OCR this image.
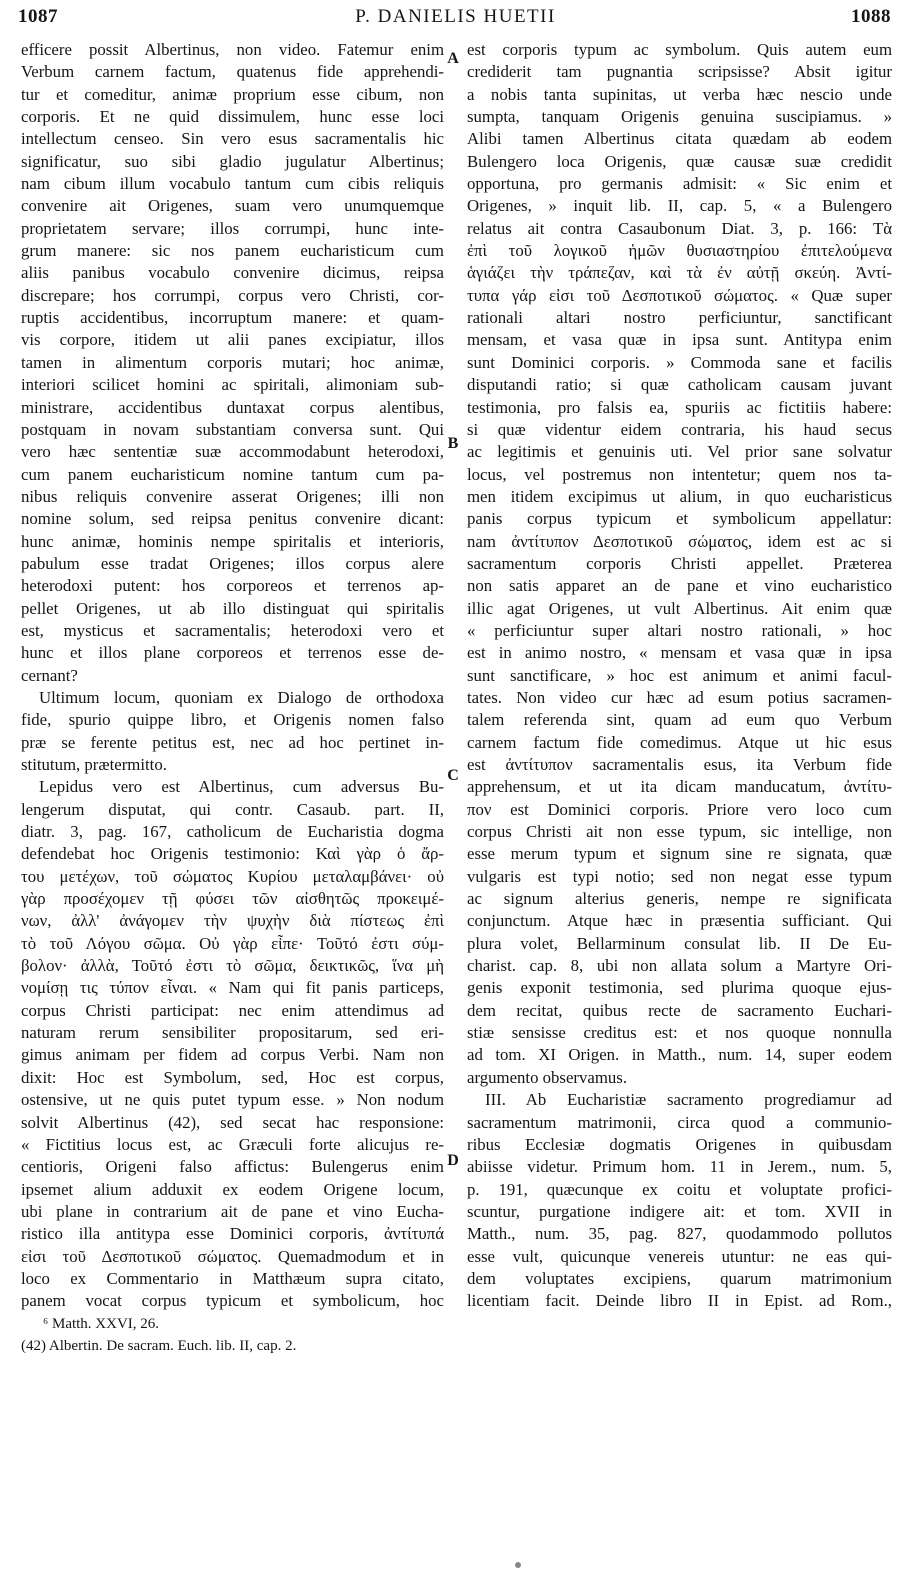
1087	P. DANIELIS HUETII	1088
efficere possit Albertinus, non video. Fatemur enim
Verbum carnem factum, quatenus fide apprehendi-
tur et comeditur, animæ proprium esse cibum, non
corporis. Et ne quid dissimulem, hunc esse loci
intellectum censeo. Sin vero esus sacramentalis hic
significatur, suo sibi gladio jugulatur Albertinus;
nam cibum illum vocabulo tantum cum cibis reliquis
convenire ait Origenes, suam vero unumquemque
proprietatem servare; illos corrumpi, hunc inte-
grum manere: sic nos panem eucharisticum cum
aliis panibus vocabulo convenire dicimus, reipsa
discrepare; hos corrumpi, corpus vero Christi, cor-
ruptis accidentibus, incorruptum manere: et quam-
vis corpore, itidem ut alii panes excipiatur, illos
tamen in alimentum corporis mutari; hoc animæ,
interiori scilicet homini ac spiritali, alimoniam sub-
ministrare, accidentibus duntaxat corpus alentibus,
postquam in novam substantiam conversa sunt. Qui
vero hæc sententiæ suæ accommodabunt heterodoxi,
cum panem eucharisticum nomine tantum cum pa-
nibus reliquis convenire asserat Origenes; illi non
nomine solum, sed reipsa penitus convenire dicant:
hunc animæ, hominis nempe spiritalis et interioris,
pabulum esse tradat Origenes; illos corpus alere
heterodoxi putent: hos corporeos et terrenos ap-
pellet Origenes, ut ab illo distinguat qui spiritalis
est, mysticus et sacramentalis; heterodoxi vero et
hunc et illos plane corporeos et terrenos esse de-
cernant?
Ultimum locum, quoniam ex Dialogo de orthodoxa
fide, spurio quippe libro, et Origenis nomen falso
præ se ferente petitus est, nec ad hoc pertinet in-
stitutum, prætermitto.
Lepidus vero est Albertinus, cum adversus Bu-
lengerum disputat, qui contr. Casaub. part. II,
diatr. 3, pag. 167, catholicum de Eucharistia dogma
defendebat hoc Origenis testimonio: Καὶ γὰρ ὁ ἄρ-
του μετέχων, τοῦ σώματος Κυρίου μεταλαμβάνει· οὐ
γὰρ προσέχομεν τῇ φύσει τῶν αἰσθητῶς προκειμέ-
νων, ἀλλ' ἀνάγομεν τὴν ψυχὴν διὰ πίστεως ἐπὶ
τὸ τοῦ Λόγου σῶμα. Οὐ γὰρ εἶπε· Τοῦτό ἐστι σύμ-
βολον· ἀλλὰ, Τοῦτό ἐστι τὸ σῶμα, δεικτικῶς, ἵνα μὴ
νομίσῃ τις τύπον εἶναι. « Nam qui fit panis particeps,
corpus Christi participat: nec enim attendimus ad
naturam rerum sensibiliter propositarum, sed eri-
gimus animam per fidem ad corpus Verbi. Nam non
dixit: Hoc est Symbolum, sed, Hoc est corpus,
ostensive, ut ne quis putet typum esse. » Non nodum
solvit Albertinus (42), sed secat hac responsione:
« Fictitius locus est, ac Græculi forte alicujus re-
centioris, Origeni falso affictus: Bulengerus enim
ipsemet alium adduxit ex eodem Origene locum,
ubi plane in contrarium ait de pane et vino Eucha-
ristico illa antitypa esse Dominici corporis, ἀντίτυπά
εἰσι τοῦ Δεσποτικοῦ σώματος. Quemadmodum et in
loco ex Commentario in Matthæum supra citato,
panem vocat corpus typicum et symbolicum, hoc
⁶ Matth. XXVI, 26.
(42) Albertin. De sacram. Euch. lib. II, cap. 2.
est corporis typum ac symbolum. Quis autem eum
crediderit tam pugnantia scripsisse? Absit igitur
a nobis tanta supinitas, ut verba hæc nescio unde
sumpta, tanquam Origenis genuina suscipiamus. »
Alibi tamen Albertinus citata quædam ab eodem
Bulengero loca Origenis, quæ causæ suæ credidit
opportuna, pro germanis admisit: « Sic enim et
Origenes, » inquit lib. II, cap. 5, « a Bulengero
relatus ait contra Casaubonum Diat. 3, p. 166: Τὰ
ἐπὶ τοῦ λογικοῦ ἡμῶν θυσιαστηρίου ἐπιτελούμενα
ἁγιάζει τὴν τράπεζαν, καὶ τὰ ἐν αὐτῇ σκεύη. Ἀντί-
τυπα γάρ εἰσι τοῦ Δεσποτικοῦ σώματος. « Quæ super
rationali altari nostro perficiuntur, sanctificant
mensam, et vasa quæ in ipsa sunt. Antitypa enim
sunt Dominici corporis. » Commoda sane et facilis
disputandi ratio; si quæ catholicam causam juvant
testimonia, pro falsis ea, spuriis ac fictitiis habere:
si quæ videntur eidem contraria, his haud secus
ac legitimis et genuinis uti. Vel prior sane solvatur
locus, vel postremus non intentetur; quem nos ta-
men itidem excipimus ut alium, in quo eucharisticus
panis corpus typicum et symbolicum appellatur:
nam ἀντίτυπον Δεσποτικοῦ σώματος, idem est ac si
sacramentum corporis Christi appellet. Præterea
non satis apparet an de pane et vino eucharistico
illic agat Origenes, ut vult Albertinus. Ait enim quæ
« perficiuntur super altari nostro rationali, » hoc
est in animo nostro, « mensam et vasa quæ in ipsa
sunt sanctificare, » hoc est animum et animi facul-
tates. Non video cur hæc ad esum potius sacramen-
talem referenda sint, quam ad eum quo Verbum
carnem factum fide comedimus. Atque ut hic esus
est ἀντίτυπον sacramentalis esus, ita Verbum fide
apprehensum, et ut ita dicam manducatum, ἀντίτυ-
πον est Dominici corporis. Priore vero loco cum
corpus Christi ait non esse typum, sic intellige, non
esse merum typum et signum sine re signata, quæ
vulgaris est typi notio; sed non negat esse typum
ac signum alterius generis, nempe re significata
conjunctum. Atque hæc in præsentia sufficiant. Qui
plura volet, Bellarminum consulat lib. II De Eu-
charist. cap. 8, ubi non allata solum a Martyre Ori-
genis exponit testimonia, sed plurima quoque ejus-
dem recitat, quibus recte de sacramento Euchari-
stiæ sensisse creditus est: et nos quoque nonnulla
ad tom. XI Origen. in Matth., num. 14, super eodem
argumento observamus.
III. Ab Eucharistiæ sacramento progrediamur ad
sacramentum matrimonii, circa quod a communio-
ribus Ecclesiæ dogmatis Origenes in quibusdam
abiisse videtur. Primum hom. 11 in Jerem., num. 5,
p. 191, quæcunque ex coitu et voluptate profici-
scuntur, purgatione indigere ait: et tom. XVII in
Matth., num. 35, pag. 827, quodammodo pollutos
esse vult, quicunque venereis utuntur: ne eas qui-
dem voluptates excipiens, quarum matrimonium
licentiam facit. Deinde libro II in Epist. ad Rom.,
A
B
C
D
